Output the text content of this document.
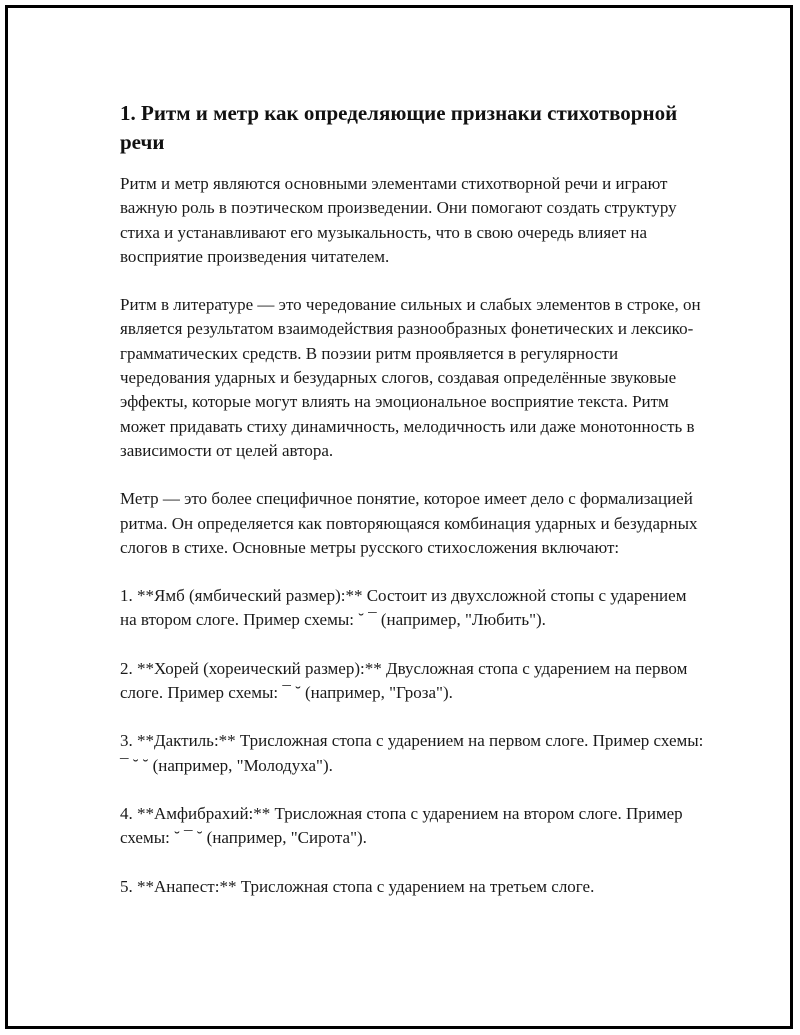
1. Ритм и метр как определяющие признаки стихотворной речи

Ритм и метр являются основными элементами стихотворной речи и играют важную роль в поэтическом произведении. Они помогают создать структуру стиха и устанавливают его музыкальность, что в свою очередь влияет на восприятие произведения читателем.

Ритм в литературе — это чередование сильных и слабых элементов в строке, он является результатом взаимодействия разнообразных фонетических и лексико-грамматических средств. В поэзии ритм проявляется в регулярности чередования ударных и безударных слогов, создавая определённые звуковые эффекты, которые могут влиять на эмоциональное восприятие текста. Ритм может придавать стиху динамичность, мелодичность или даже монотонность в зависимости от целей автора.

Метр — это более специфичное понятие, которое имеет дело с формализацией ритма. Он определяется как повторяющаяся комбинация ударных и безударных слогов в стихе. Основные метры русского стихосложения включают:

1. **Ямб (ямбический размер):** Состоит из двухсложной стопы с ударением на втором слоге. Пример схемы: ˘ ¯ (например, "Любить").

2. **Хорей (хореический размер):** Двусложная стопа с ударением на первом слоге. Пример схемы: ¯ ˘ (например, "Гроза").

3. **Дактиль:** Трисложная стопа с ударением на первом слоге. Пример схемы: ¯ ˘ ˘ (например, "Молодуха").

4. **Амфибрахий:** Трисложная стопа с ударением на втором слоге. Пример схемы: ˘ ¯ ˘ (например, "Сирота").

5. **Анапест:** Трисложная стопа с ударением на третьем слоге.
